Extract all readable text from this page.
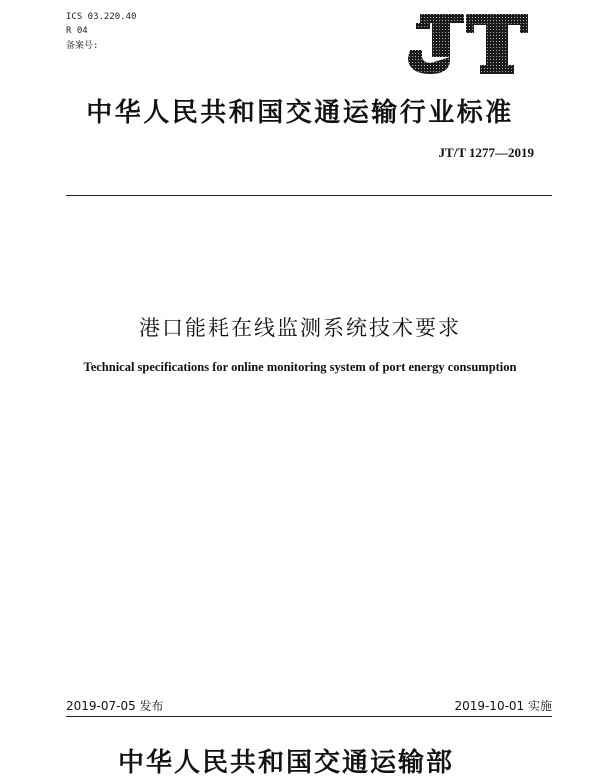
ICS 03.220.40
R 04
备案号:
中华人民共和国交通运输行业标准
JT/T 1277—2019
港口能耗在线监测系统技术要求
Technical specifications for online monitoring system of port energy consumption
2019-07-05 发布	2019-10-01 实施
中华人民共和国交通运输部
